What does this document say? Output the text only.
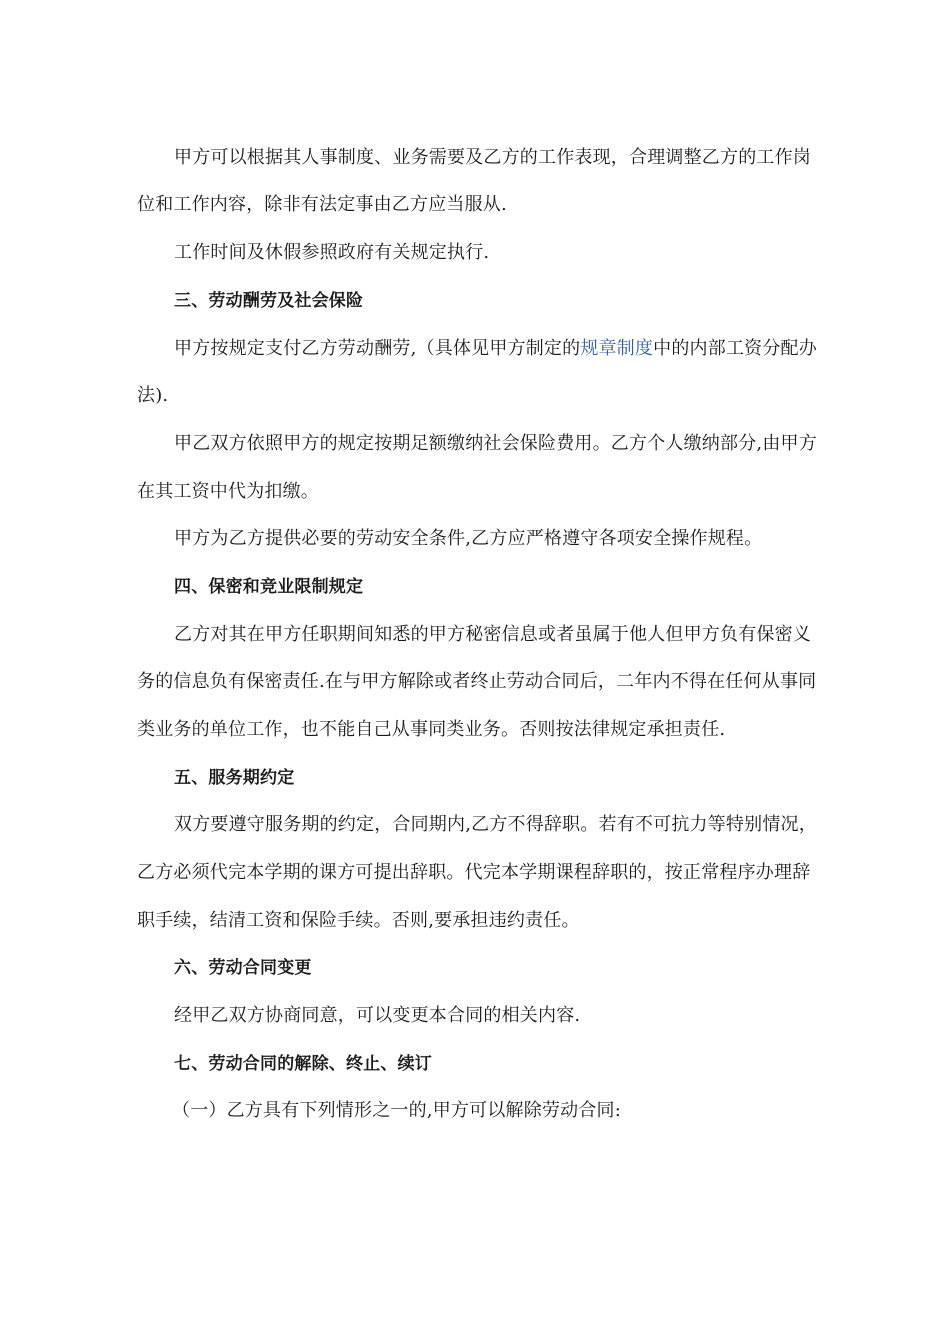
甲方可以根据其人事制度、业务需要及乙方的工作表现，合理调整乙方的工作岗
位和工作内容，除非有法定事由乙方应当服从.
工作时间及休假参照政府有关规定执行.
三、劳动酬劳及社会保险
甲方按规定支付乙方劳动酬劳,（具体见甲方制定的规章制度中的内部工资分配办
法).
甲乙双方依照甲方的规定按期足额缴纳社会保险费用。乙方个人缴纳部分,由甲方
在其工资中代为扣缴。
甲方为乙方提供必要的劳动安全条件,乙方应严格遵守各项安全操作规程。
四、保密和竞业限制规定
乙方对其在甲方任职期间知悉的甲方秘密信息或者虽属于他人但甲方负有保密义
务的信息负有保密责任.在与甲方解除或者终止劳动合同后，二年内不得在任何从事同
类业务的单位工作，也不能自己从事同类业务。否则按法律规定承担责任.
五、服务期约定
双方要遵守服务期的约定，合同期内,乙方不得辞职。若有不可抗力等特别情况，
乙方必须代完本学期的课方可提出辞职。代完本学期课程辞职的，按正常程序办理辞
职手续，结清工资和保险手续。否则,要承担违约责任。
六、劳动合同变更
经甲乙双方协商同意，可以变更本合同的相关内容.
七、劳动合同的解除、终止、续订
（一）乙方具有下列情形之一的,甲方可以解除劳动合同:
